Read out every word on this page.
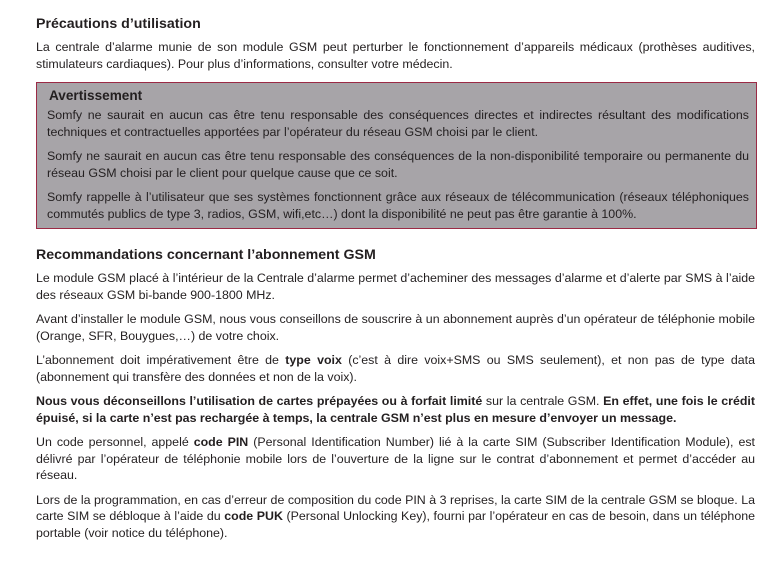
Précautions d’utilisation

La centrale d’alarme munie de son module GSM peut perturber le fonctionnement d’appareils médicaux (prothèses auditives, stimulateurs cardiaques). Pour plus d’informations, consulter votre médecin.

Avertissement

Somfy ne saurait en aucun cas être tenu responsable des conséquences directes et indirectes résultant des modifications techniques et contractuelles apportées par l’opérateur du réseau GSM choisi par le client.

Somfy ne saurait en aucun cas être tenu responsable des conséquences de la non-disponibilité temporaire ou permanente du réseau GSM choisi par le client pour quelque cause que ce soit.

Somfy rappelle à l’utilisateur que ses systèmes fonctionnent grâce aux réseaux de télécommunication (réseaux téléphoniques commutés publics de type 3, radios, GSM, wifi,etc…) dont la disponibilité ne peut pas être garantie à 100%.

Recommandations concernant l’abonnement GSM

Le module GSM placé à l’intérieur de la Centrale d’alarme permet d’acheminer des messages d’alarme et d’alerte par SMS à l’aide des réseaux GSM bi-bande 900-1800 MHz.

Avant d’installer le module GSM, nous vous conseillons de souscrire à un abonnement auprès d’un opérateur de téléphonie mobile (Orange, SFR, Bouygues,…) de votre choix.

L’abonnement doit impérativement être de type voix (c’est à dire voix+SMS ou SMS seulement), et non pas de type data (abonnement qui transfère des données et non de la voix).

Nous vous déconseillons l’utilisation de cartes prépayées ou à forfait limité sur la centrale GSM. En effet, une fois le crédit épuisé, si la carte n’est pas rechargée à temps, la centrale GSM n’est plus en mesure d’envoyer un message.

Un code personnel, appelé code PIN (Personal Identification Number) lié à la carte SIM (Subscriber Identification Module), est délivré par l’opérateur de téléphonie mobile lors de l’ouverture de la ligne sur le contrat d’abonnement et permet d’accéder au réseau.

Lors de la programmation, en cas d’erreur de composition du code PIN à 3 reprises, la carte SIM de la centrale GSM se bloque. La carte SIM se débloque à l’aide du code PUK (Personal Unlocking Key), fourni par l’opérateur en cas de besoin, dans un téléphone portable (voir notice du téléphone).
